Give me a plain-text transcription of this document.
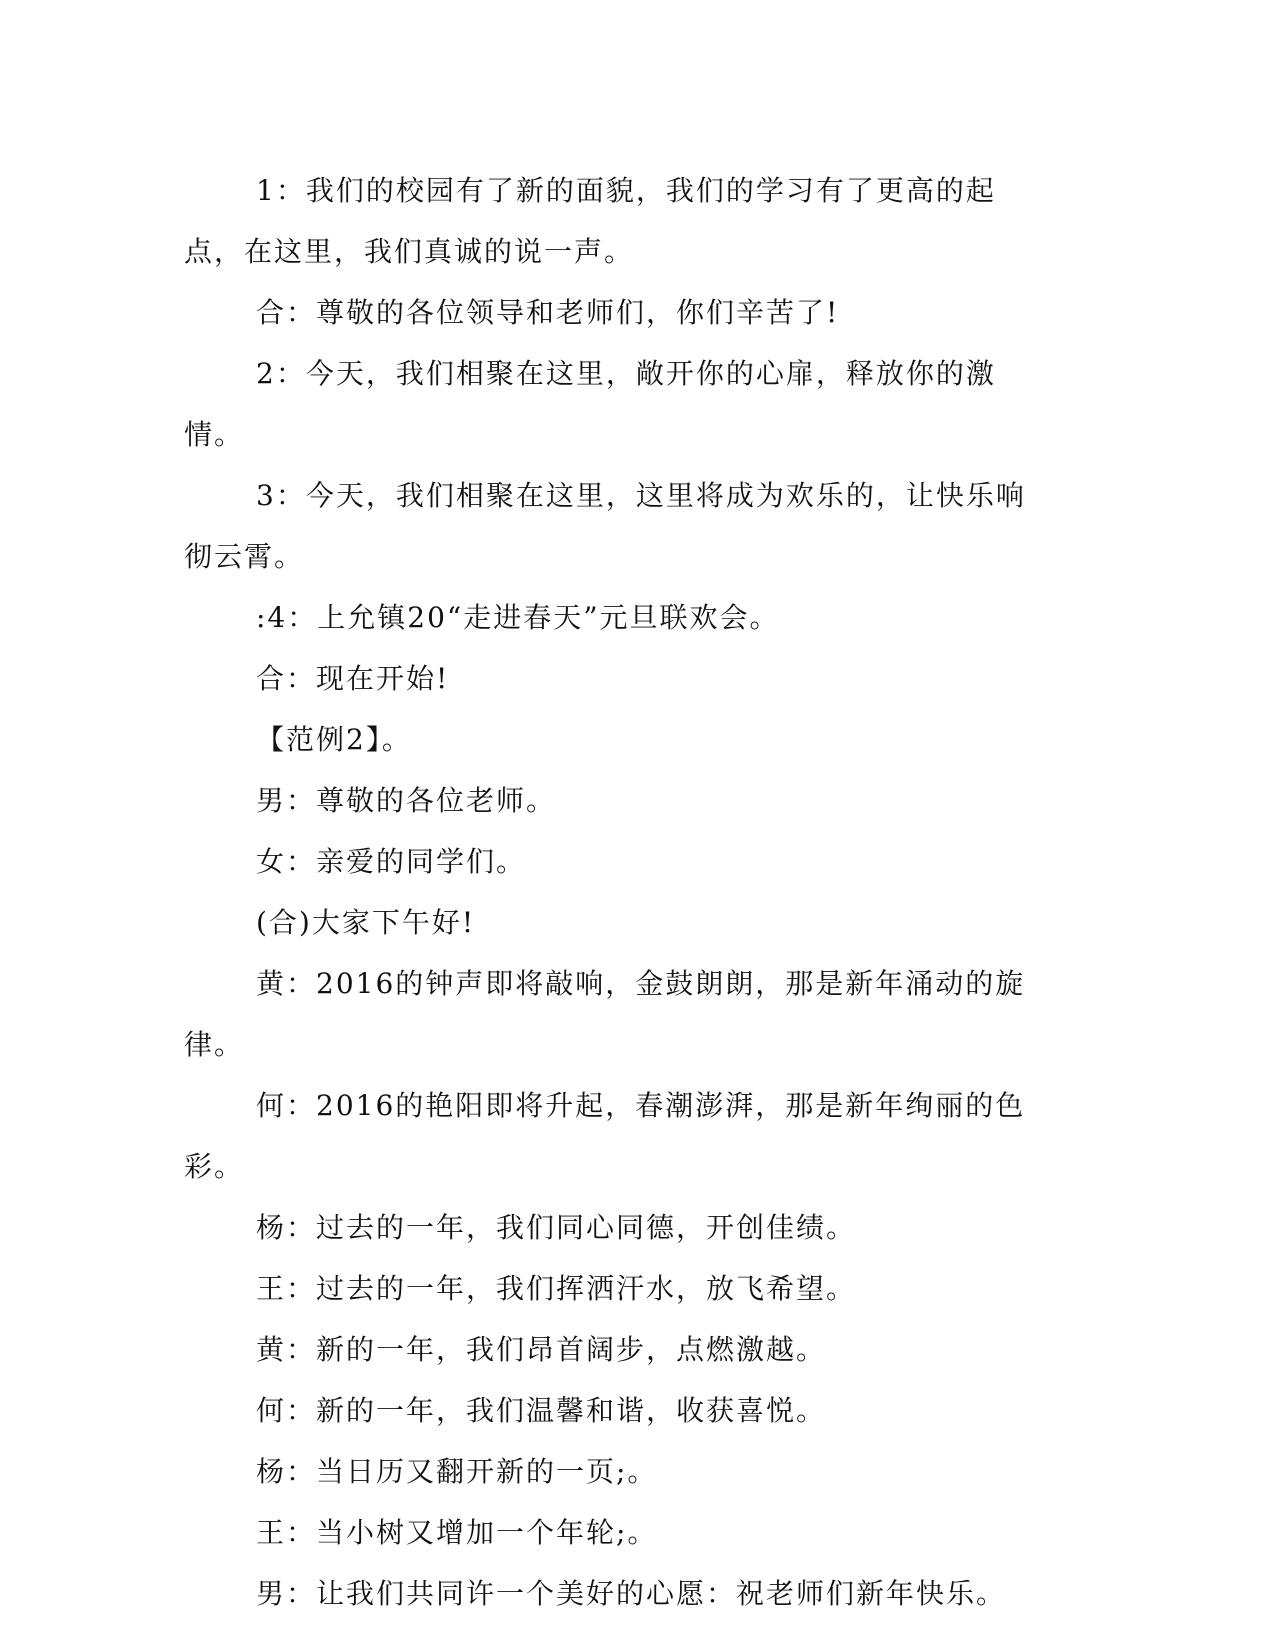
1：我们的校园有了新的面貌，我们的学习有了更高的起点，在这里，我们真诚的说一声。

合：尊敬的各位领导和老师们，你们辛苦了!

2：今天，我们相聚在这里，敞开你的心扉，释放你的激情。

3：今天，我们相聚在这里，这里将成为欢乐的，让快乐响彻云霄。

:4：上允镇20“走进春天”元旦联欢会。

合：现在开始!

【范例2】。

男：尊敬的各位老师。

女：亲爱的同学们。

(合)大家下午好!

黄：2016的钟声即将敲响，金鼓朗朗，那是新年涌动的旋律。

何：2016的艳阳即将升起，春潮澎湃，那是新年绚丽的色彩。

杨：过去的一年，我们同心同德，开创佳绩。

王：过去的一年，我们挥洒汗水，放飞希望。

黄：新的一年，我们昂首阔步，点燃激越。

何：新的一年，我们温馨和谐，收获喜悦。

杨：当日历又翻开新的一页;。

王：当小树又增加一个年轮;。

男：让我们共同许一个美好的心愿：祝老师们新年快乐。
